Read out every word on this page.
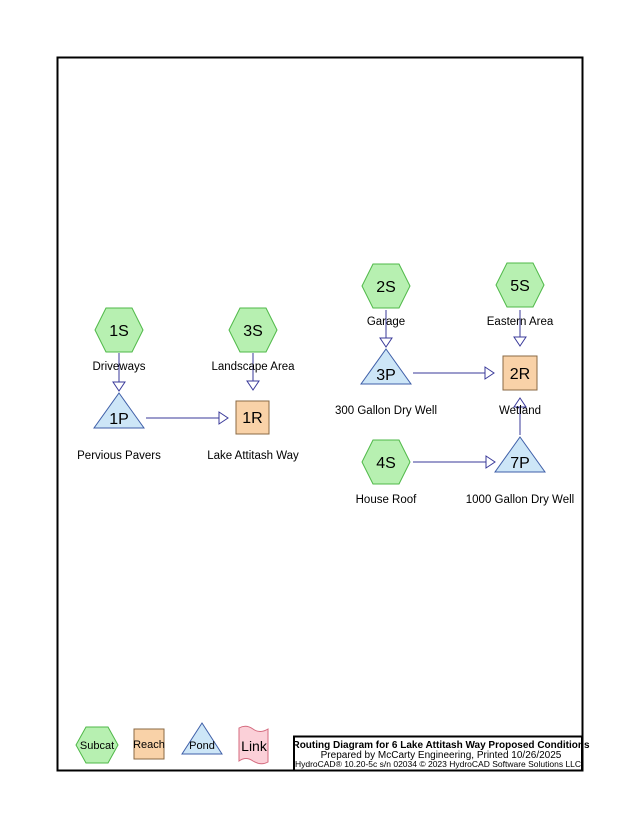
1S
Driveways
3S
Landscape Area
2S
Garage
5S
Eastern Area
4S
House Roof
1P
Pervious Pavers
3P
300 Gallon Dry Well
7P
1000 Gallon Dry Well
1R
Lake Attitash Way
2R
Wetland
Subcat Reach Pond Link	Routing Diagram for 6 Lake Attitash Way Proposed Conditions
Prepared by McCarty Engineering, Printed 10/26/2025
HydroCAD® 10.20-5c s/n 02034 © 2023 HydroCAD Software Solutions LLC
